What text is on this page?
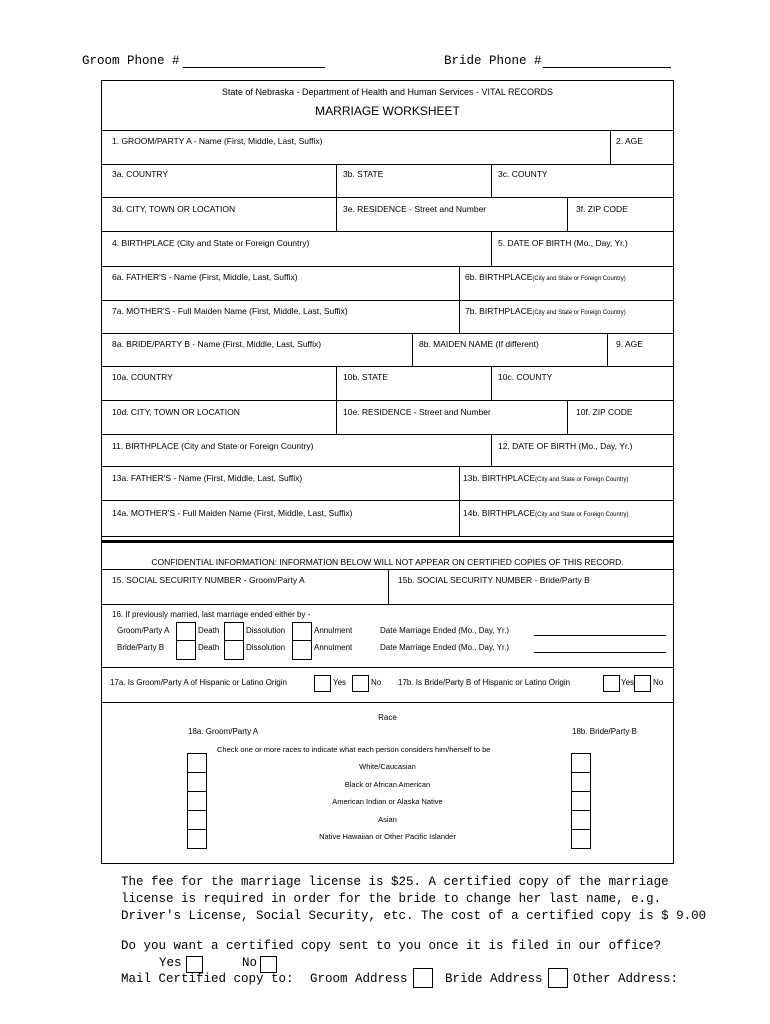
Groom Phone #	Bride Phone #
State of Nebraska - Department of Health and Human Services - VITAL RECORDS
MARRIAGE WORKSHEET
1. GROOM/PARTY A - Name (First, Middle, Last, Suffix)	2. AGE
3a. COUNTRY	3b. STATE	3c. COUNTY
3d. CITY, TOWN OR LOCATION	3e. RESIDENCE - Street and Number	3f. ZIP CODE
4. BIRTHPLACE (City and State or Foreign Country)	5. DATE OF BIRTH (Mo., Day, Yr.)
6a. FATHER'S - Name (First, Middle, Last, Suffix)	6b. BIRTHPLACE(City and State or Foreign Country)
7a. MOTHER'S - Full Maiden Name (First, Middle, Last, Suffix)	7b. BIRTHPLACE(City and State or Foreign Country)
8a. BRIDE/PARTY B - Name (First, Middle, Last, Suffix)	8b. MAIDEN NAME (If different)	9. AGE
10a. COUNTRY	10b. STATE	10c. COUNTY
10d. CITY, TOWN OR LOCATION	10e. RESIDENCE - Street and Number	10f. ZIP CODE
11. BIRTHPLACE (City and State or Foreign Country)	12. DATE OF BIRTH (Mo., Day, Yr.)
13a. FATHER'S - Name (First, Middle, Last, Suffix)	13b. BIRTHPLACE(City and State or Foreign Country)
14a. MOTHER'S - Full Maiden Name (First, Middle, Last, Suffix)	14b. BIRTHPLACE(City and State or Foreign Country)
CONFIDENTIAL INFORMATION: INFORMATION BELOW WILL NOT APPEAR ON CERTIFIED COPIES OF THIS RECORD.
15. SOCIAL SECURITY NUMBER - Groom/Party A	15b. SOCIAL SECURITY NUMBER - Bride/Party B
16. If previously married, last marriage ended either by -
Groom/Party A
Bride/Party B
Death	Dissolution	Annulment	Date Marriage Ended (Mo., Day, Yr.)
Death	Dissolution	Annulment	Date Marriage Ended (Mo., Day, Yr.)
17a. Is Groom/Party A of Hispanic or Latino Origin	Yes	No 17b. Is Bride/Party B of Hispanic or Latino Origin	Yes No
Race
18a. Groom/Party A	18b. Bride/Party B
Check one or more races to indicate what each person considers him/herself to be
White/Caucasian
Black or African American
American Indian or Alaska Native
Asian
Native Hawaiian or Other Pacific Islander
The fee for the marriage license is $25. A certified copy of the marriage
license is required in order for the bride to change her last name, e.g.
Driver's License, Social Security, etc. The cost of a certified copy is $ 9.00
Do you want a certified copy sent to you once it is filed in our office?
Yes	No
Mail Certified copy to: Groom Address	Bride Address Other Address:
